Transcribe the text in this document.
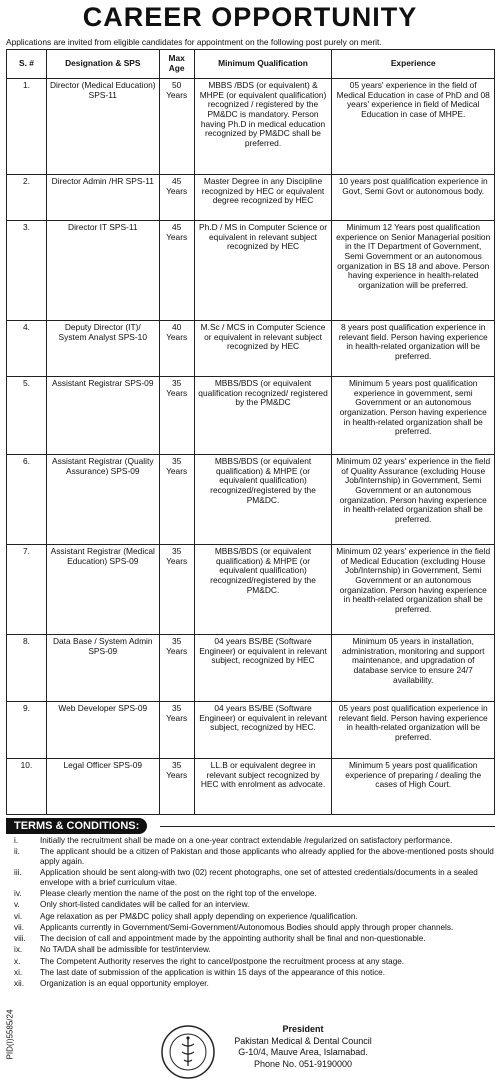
CAREER OPPORTUNITY
Applications are invited from eligible candidates for appointment on the following post purely on merit.
S. #	Designation & SPS	Max Age	Minimum Qualification	Experience
1.	Director (Medical Education) SPS-11	50 Years	MBBS /BDS (or equivalent) & MHPE (or equivalent qualification) recognized / registered by the PM&DC is mandatory. Person having Ph.D in medical education recognized by PM&DC shall be preferred.	05 years' experience in the field of Medical Education in case of PhD and 08 years' experience in field of Medical Education in case of MHPE.
2.	Director Admin /HR SPS-11	45 Years	Master Degree in any Discipline recognized by HEC or equivalent degree recognized by HEC	10 years post qualification experience in Govt, Semi Govt or autonomous body.
3.	Director IT SPS-11	45 Years	Ph.D / MS in Computer Science or equivalent in relevant subject recognized by HEC	Minimum 12 Years post qualification experience on Senior Managerial position in the IT Department of Government, Semi Government or an autonomous organization in BS 18 and above. Person having experience in health-related organization will be preferred.
4.	Deputy Director (IT)/ System Analyst SPS-10	40 Years	M.Sc / MCS in Computer Science or equivalent in relevant subject recognized by HEC	8 years post qualification experience in relevant field. Person having experience in health-related organization will be preferred.
5.	Assistant Registrar SPS-09	35 Years	MBBS/BDS (or equivalent qualification recognized/ registered by the PM&DC	Minimum 5 years post qualification experience in government, semi Government or an autonomous organization. Person having experience in health-related organization shall be preferred.
6.	Assistant Registrar (Quality Assurance) SPS-09	35 Years	MBBS/BDS (or equivalent qualification) & MHPE (or equivalent qualification) recognized/registered by the PM&DC.	Minimum 02 years' experience in the field of Quality Assurance (excluding House Job/Internship) in Government, Semi Government or an autonomous organization. Person having experience in health-related organization shall be preferred.
7.	Assistant Registrar (Medical Education) SPS-09	35 Years	MBBS/BDS (or equivalent qualification) & MHPE (or equivalent qualification) recognized/registered by the PM&DC.	Minimum 02 years' experience in the field of Medical Education (excluding House Job/Internship) in Government, Semi Government or an autonomous organization. Person having experience in health-related organization shall be preferred.
8.	Data Base / System Admin SPS-09	35 Years	04 years BS/BE (Software Engineer) or equivalent in relevant subject, recognized by HEC	Minimum 05 years in installation, administration, monitoring and support maintenance, and upgradation of database service to ensure 24/7 availability.
9.	Web Developer SPS-09	35 Years	04 years BS/BE (Software Engineer) or equivalent in relevant subject, recognized by HEC.	05 years post qualification experience in relevant field. Person having experience in health-related organization will be preferred.
10.	Legal Officer SPS-09	35 Years	LL.B or equivalent degree in relevant subject recognized by HEC with enrolment as advocate.	Minimum 5 years post qualification experience of preparing / dealing the cases of High Court.
TERMS & CONDITIONS:
i.	Initially the recruitment shall be made on a one-year contract extendable /regularized on satisfactory performance.
ii. The applicant should be a citizen of Pakistan and those applicants who already applied for the above-mentioned posts should apply again.
iii. Application should be sent along-with two (02) recent photographs, one set of attested credentials/documents in a sealed envelope with a brief curriculum vitae.
iv. Please clearly mention the name of the post on the right top of the envelope.
v. Only short-listed candidates will be called for an interview.
vi. Age relaxation as per PM&DC policy shall apply depending on experience /qualification.
vii. Applicants currently in Government/Semi-Government/Autonomous Bodies should apply through proper channels.
viii. The decision of call and appointment made by the appointing authority shall be final and non-questionable.
ix. No TA/DA shall be admissible for test/interview.
x. The Competent Authority reserves the right to cancel/postpone the recruitment process at any stage.
xi. The last date of submission of the application is within 15 days of the appearance of this notice.
xii. Organization is an equal opportunity employer.
PID(I)5585/24	President
Pakistan Medical & Dental Council
G-10/4, Mauve Area, Islamabad.
Phone No. 051-9190000
